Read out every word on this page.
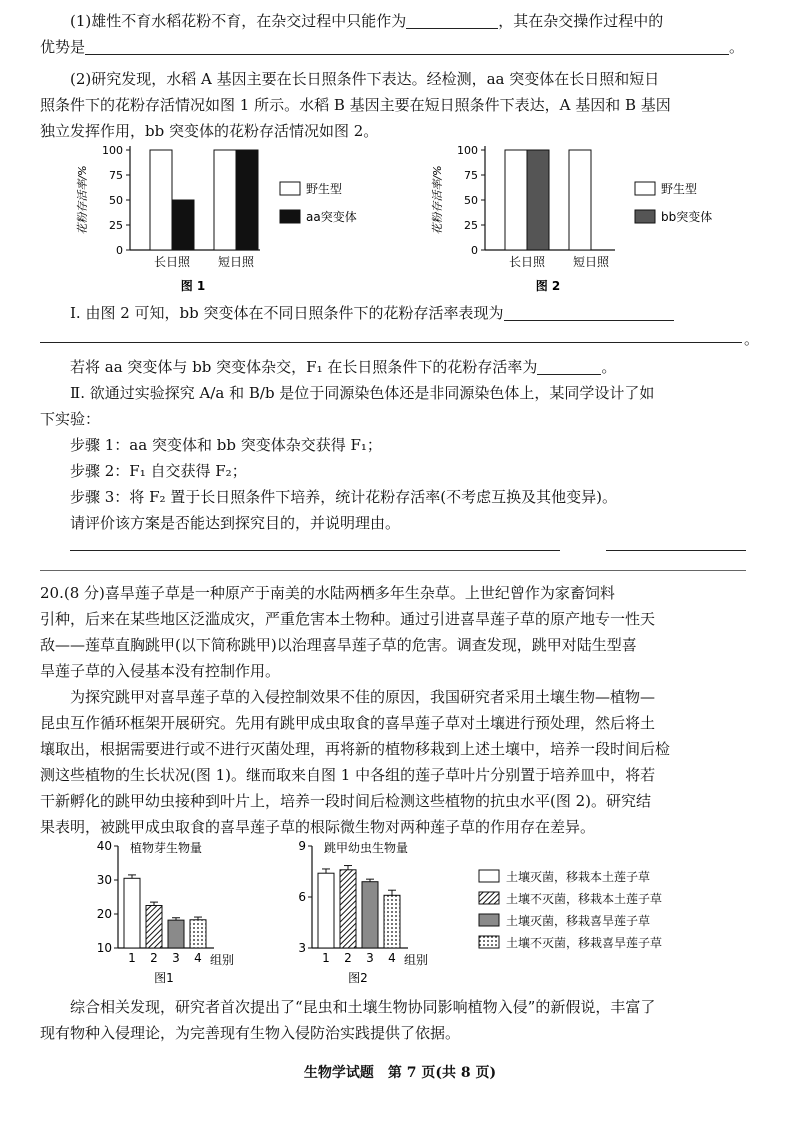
(1)雄性不育水稻花粉不育，在杂交过程中只能作为	，其在杂交操作过程中的
优势是	。
(2)研究发现，水稻 A 基因主要在长日照条件下表达。经检测，aa 突变体在长日照和短日
照条件下的花粉存活情况如图 1 所示。水稻 B 基因主要在短日照条件下表达，A 基因和 B 基因
独立发挥作用，bb 突变体的花粉存活情况如图 2。
花粉存活率/%
0
25
50
75
100
长日照 短日照
图 1
野生型
aa突变体	花粉存活率/%
0
25
50
75
100
长日照 短日照
图 2
野生型
bb突变体
Ⅰ. 由图 2 可知，bb 突变体在不同日照条件下的花粉存活率表现为
。
若将 aa 突变体与 bb 突变体杂交，F₁ 在长日照条件下的花粉存活率为	。
Ⅱ. 欲通过实验探究 A/a 和 B/b 是位于同源染色体还是非同源染色体上，某同学设计了如
下实验：
步骤 1：aa 突变体和 bb 突变体杂交获得 F₁；
步骤 2：F₁ 自交获得 F₂；
步骤 3：将 F₂ 置于长日照条件下培养，统计花粉存活率(不考虑互换及其他变异)。
请评价该方案是否能达到探究目的，并说明理由。
20.(8 分)喜旱莲子草是一种原产于南美的水陆两栖多年生杂草。上世纪曾作为家畜饲料
引种，后来在某些地区泛滥成灾，严重危害本土物种。通过引进喜旱莲子草的原产地专一性天
敌——莲草直胸跳甲(以下简称跳甲)以治理喜旱莲子草的危害。调查发现，跳甲对陆生型喜
旱莲子草的入侵基本没有控制作用。
为探究跳甲对喜旱莲子草的入侵控制效果不佳的原因，我国研究者采用土壤生物—植物—
昆虫互作循环框架开展研究。先用有跳甲成虫取食的喜旱莲子草对土壤进行预处理，然后将土
壤取出，根据需要进行或不进行灭菌处理，再将新的植物移栽到上述土壤中，培养一段时间后检
测这些植物的生长状况(图 1)。继而取来自图 1 中各组的莲子草叶片分别置于培养皿中，将若
干新孵化的跳甲幼虫接种到叶片上，培养一段时间后检测这些植物的抗虫水平(图 2)。研究结
果表明，被跳甲成虫取食的喜旱莲子草的根际微生物对两种莲子草的作用存在差异。
10
20
30
40 植物芽生物量
1 2 3 4 组别
图1
3
6
9 跳甲幼虫生物量
1 2 3 4 组别
图2
土壤灭菌，移栽本土莲子草
土壤不灭菌，移栽本土莲子草
土壤灭菌，移栽喜旱莲子草
土壤不灭菌，移栽喜旱莲子草
综合相关发现，研究者首次提出了“昆虫和土壤生物协同影响植物入侵”的新假说，丰富了
现有物种入侵理论，为完善现有生物入侵防治实践提供了依据。
生物学试题　第 7 页(共 8 页)
